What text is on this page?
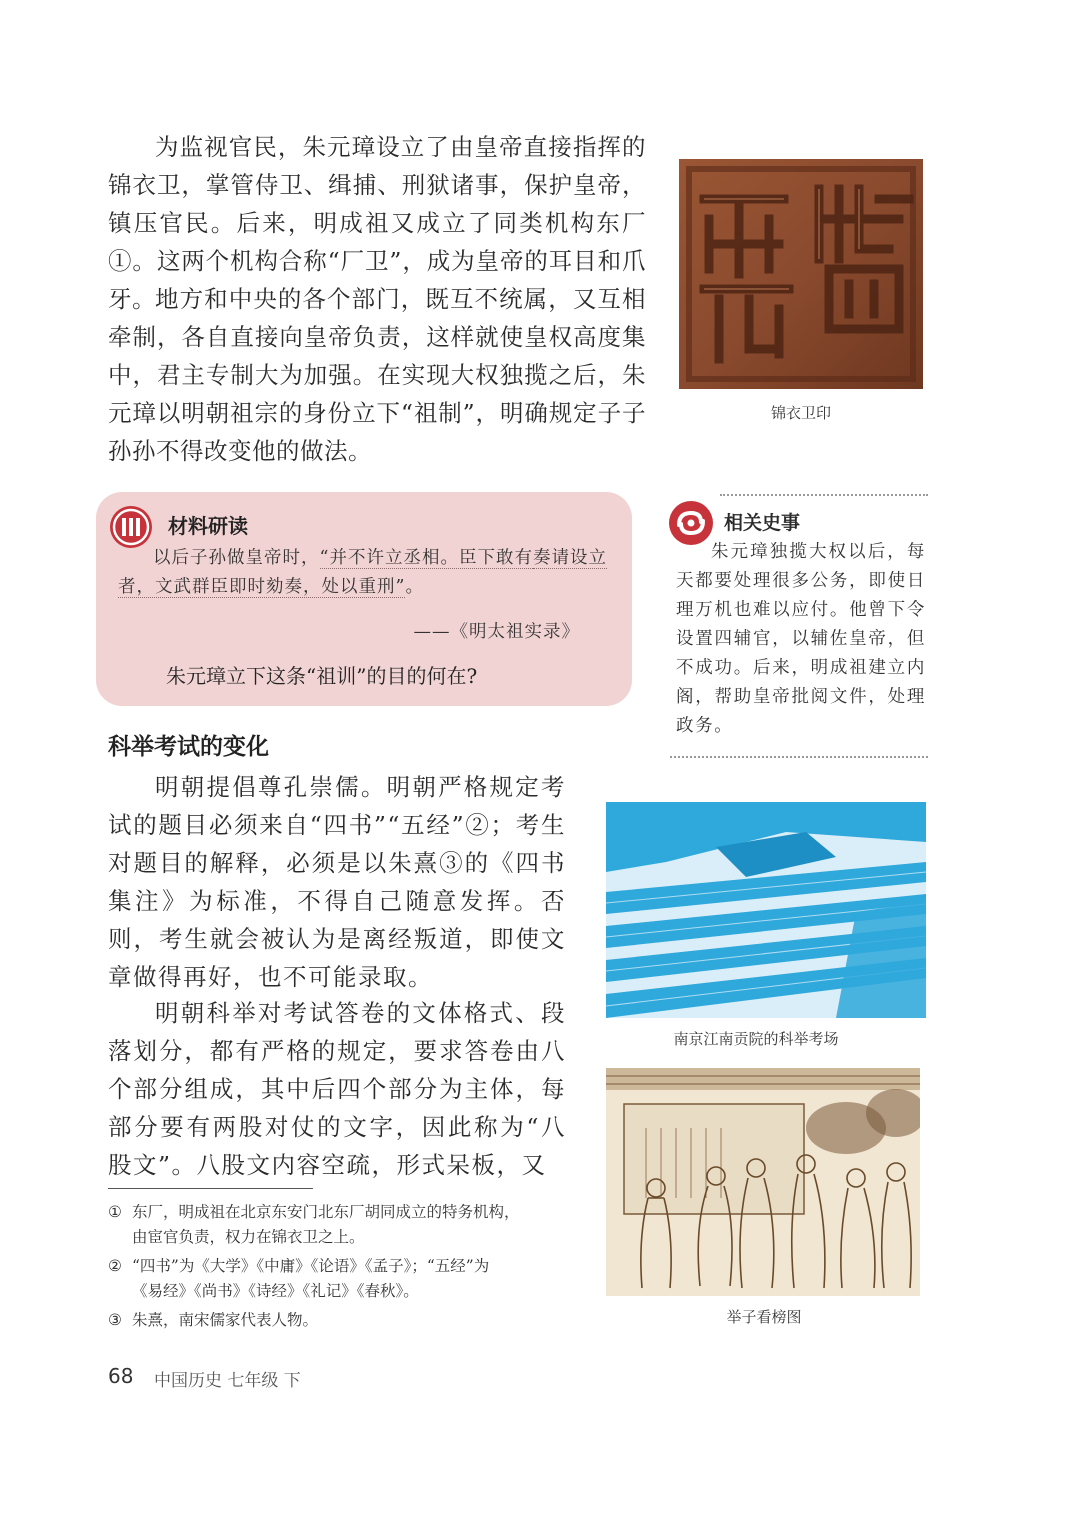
为监视官民，朱元璋设立了由皇帝直接指挥的锦衣卫，掌管侍卫、缉捕、刑狱诸事，保护皇帝，镇压官民。后来，明成祖又成立了同类机构东厂①。这两个机构合称“厂卫”，成为皇帝的耳目和爪牙。 地方和中央的各个部门，既互不统属，又互相牵制，各自直接向皇帝负责，这样就使皇权高度集中，君主专制大为加强。在实现大权独揽之后，朱元璋以明朝祖宗的身份立下“祖制”，明确规定子子孙孙不得改变他的做法。

锦衣卫印
材料研读

以后子孙做皇帝时，“并不许立丞相。臣下敢有奏请设立者，文武群臣即时劾奏，处以重刑”。

——《明太祖实录》
朱元璋立下这条“祖训”的目的何在?
相关史事

朱元璋独揽大权以后，每天都要处理很多公务，即使日理万机也难以应付。他曾下令设置四辅官，以辅佐皇帝，但不成功。后来，明成祖建立内阁，帮助皇帝批阅文件，处理政务。

科举考试的变化

明朝提倡尊孔崇儒。明朝严格规定考试的题目必须来自“四书”“五经”②；考生对题目的解释，必须是以朱熹③的《四书集注》为标准，不得自己随意发挥。否则，考生就会被认为是离经叛道，即使文章做得再好，也不可能录取。

明朝科举对考试答卷的文体格式、段落划分，都有严格的规定，要求答卷由八个部分组成，其中后四个部分为主体，每部分要有两股对仗的文字，因此称为“八股文”。八股文内容空疏，形式呆板，又

南京江南贡院的科举考场
举子看榜图
① 东厂，明成祖在北京东安门北东厂胡同成立的特务机构，
由宦官负责，权力在锦衣卫之上。
② “四书”为《大学》《中庸》《论语》《孟子》；“五经”为
《易经》《尚书》《诗经》《礼记》《春秋》。
③ 朱熹，南宋儒家代表人物。
68 中国历史 七年级 下
